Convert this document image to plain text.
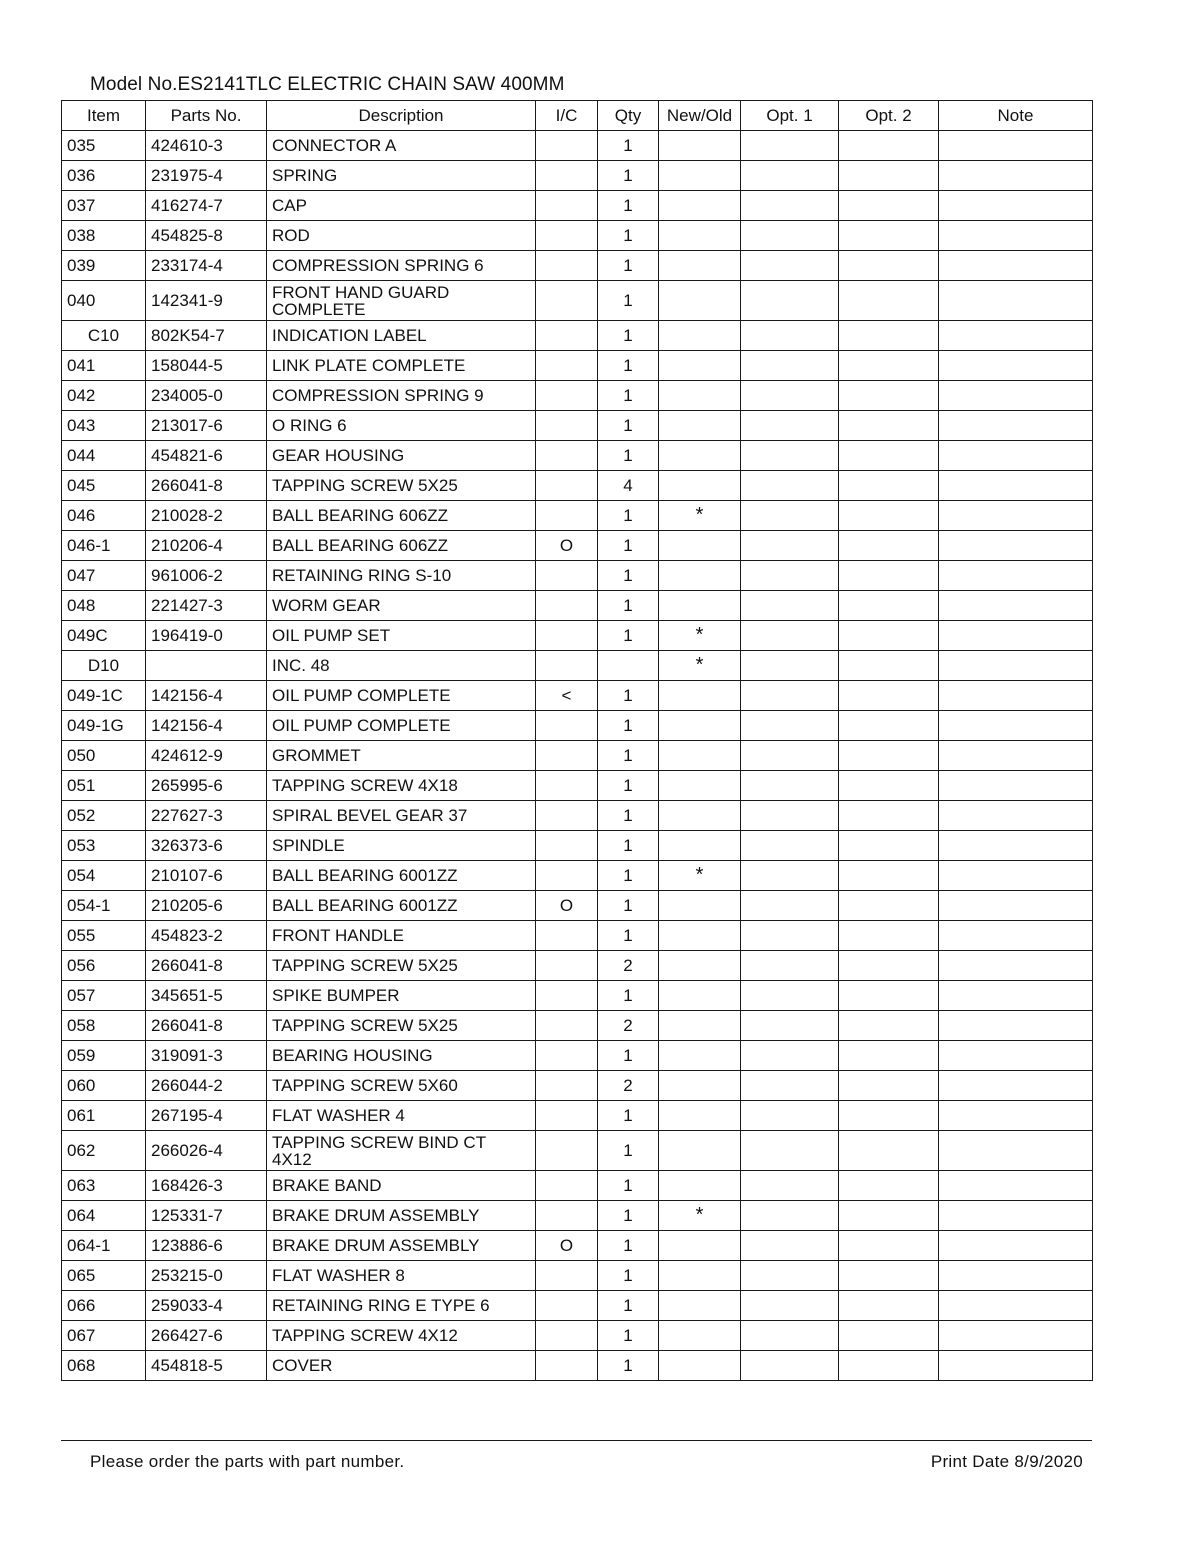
Model No.ES2141TLC ELECTRIC CHAIN SAW 400MM
Item	Parts No.	Description	I/C	Qty	New/Old	Opt. 1	Opt. 2	Note
035	424610-3	CONNECTOR A		1				
036	231975-4	SPRING		1				
037	416274-7	CAP		1				
038	454825-8	ROD		1				
039	233174-4	COMPRESSION SPRING 6		1				
040	142341-9	FRONT HAND GUARD COMPLETE		1				
C10	802K54-7	INDICATION LABEL		1				
041	158044-5	LINK PLATE COMPLETE		1				
042	234005-0	COMPRESSION SPRING 9		1				
043	213017-6	O RING 6		1				
044	454821-6	GEAR HOUSING		1				
045	266041-8	TAPPING SCREW 5X25		4				
046	210028-2	BALL BEARING 606ZZ		1	*			
046-1	210206-4	BALL BEARING 606ZZ	O	1				
047	961006-2	RETAINING RING S-10		1				
048	221427-3	WORM GEAR		1				
049C	196419-0	OIL PUMP SET		1	*			
D10		INC. 48			*			
049-1C	142156-4	OIL PUMP COMPLETE	<	1				
049-1G	142156-4	OIL PUMP COMPLETE		1				
050	424612-9	GROMMET		1				
051	265995-6	TAPPING SCREW 4X18		1				
052	227627-3	SPIRAL BEVEL GEAR 37		1				
053	326373-6	SPINDLE		1				
054	210107-6	BALL BEARING 6001ZZ		1	*			
054-1	210205-6	BALL BEARING 6001ZZ	O	1				
055	454823-2	FRONT HANDLE		1				
056	266041-8	TAPPING SCREW 5X25		2				
057	345651-5	SPIKE BUMPER		1				
058	266041-8	TAPPING SCREW 5X25		2				
059	319091-3	BEARING HOUSING		1				
060	266044-2	TAPPING SCREW 5X60		2				
061	267195-4	FLAT WASHER 4		1				
062	266026-4	TAPPING SCREW BIND CT 4X12		1				
063	168426-3	BRAKE BAND		1				
064	125331-7	BRAKE DRUM ASSEMBLY		1	*			
064-1	123886-6	BRAKE DRUM ASSEMBLY	O	1				
065	253215-0	FLAT WASHER 8		1				
066	259033-4	RETAINING RING E TYPE 6		1				
067	266427-6	TAPPING SCREW 4X12		1				
068	454818-5	COVER		1				
Please order the parts with part number.	Print Date 8/9/2020
